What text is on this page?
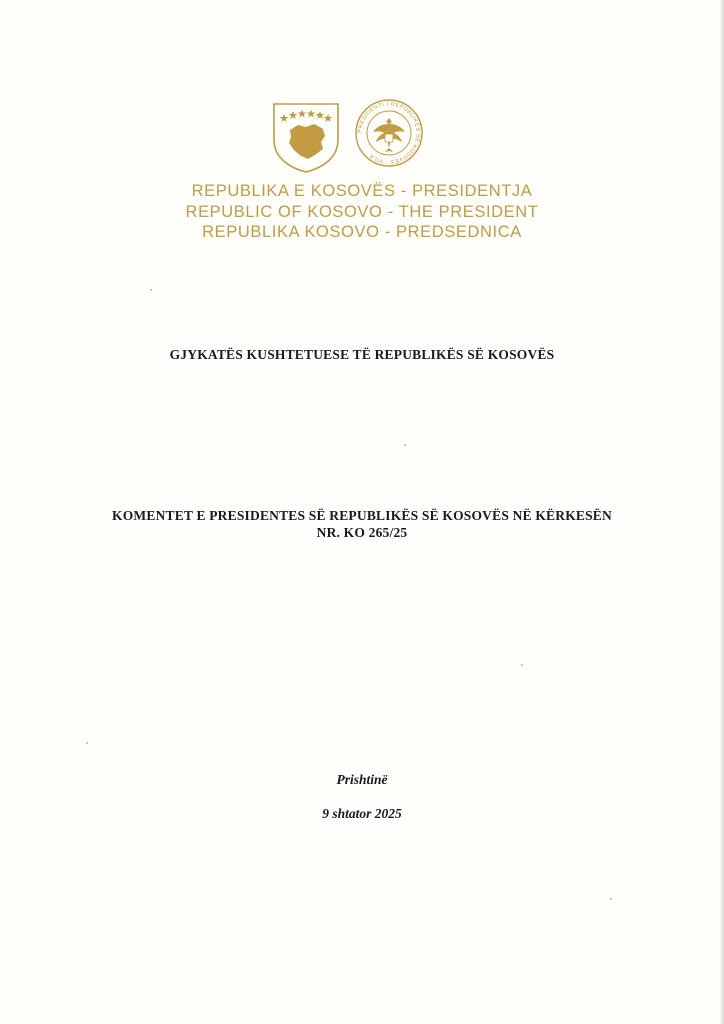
PRESIDENTI I REPUBLIKËS SË KOSOVËS · VILA
REPUBLIKA E KOSOVËS - PRESIDENTJA
REPUBLIC OF KOSOVO - THE PRESIDENT
REPUBLIKA KOSOVO - PREDSEDNICA
GJYKATËS KUSHTETUESE TË REPUBLIKËS SË KOSOVËS
KOMENTET E PRESIDENTES SË REPUBLIKËS SË KOSOVËS NË KËRKESËN
NR. KO 265/25
Prishtinë
9 shtator 2025
